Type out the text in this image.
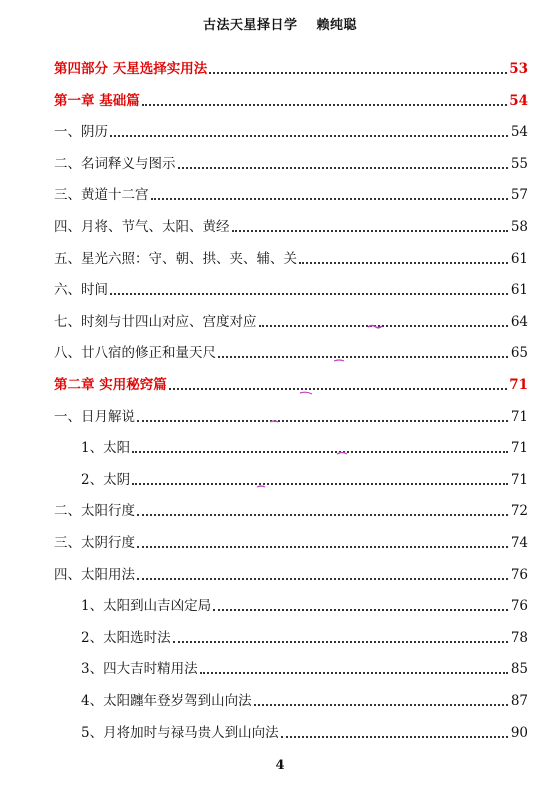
古法天星择日学 赖纯聪
第四部分 天星选择实用法	53
第一章 基础篇	54
一、阴历	54
二、名词释义与图示	55
三、黄道十二宫	57
四、月将、节气、太阳、黄经	58
五、星光六照：守、朝、拱、夹、辅、关	61
六、时间	61
七、时刻与廿四山对应、宫度对应	64
八、廿八宿的修正和量天尺	65
第二章 实用秘窍篇	71
一、日月解说	71
1、太阳	71
2、太阴	71
二、太阳行度	72
三、太阴行度	74
四、太阳用法	76
1、太阳到山吉凶定局	76
2、太阳选时法	78
3、四大吉时精用法	85
4、太阳躔年登岁驾到山向法	87
5、月将加时与禄马贵人到山向法	90
4
